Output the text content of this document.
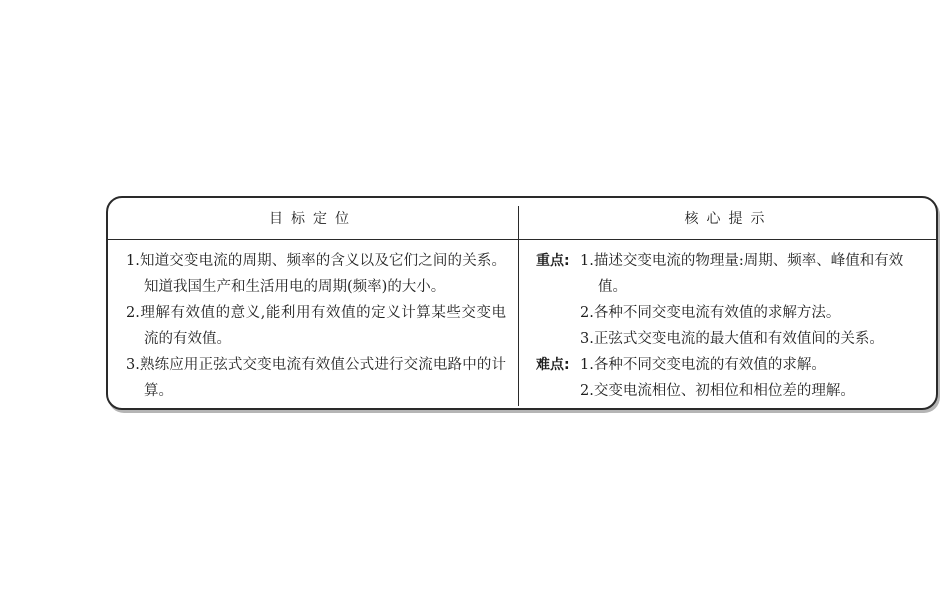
目标定位	核心提示
1.知道交变电流的周期、频率的含义以及它们之间的关系。知道我国生产和生活用电的周期(频率)的大小。
2.理解有效值的意义,能利用有效值的定义计算某些交变电流的有效值。
3.熟练应用正弦式交变电流有效值公式进行交流电路中的计算。
重点: 1.描述交变电流的物理量:周期、频率、峰值和有效值。
2.各种不同交变电流有效值的求解方法。
3.正弦式交变电流的最大值和有效值间的关系。
难点: 1.各种不同交变电流的有效值的求解。
2.交变电流相位、初相位和相位差的理解。
